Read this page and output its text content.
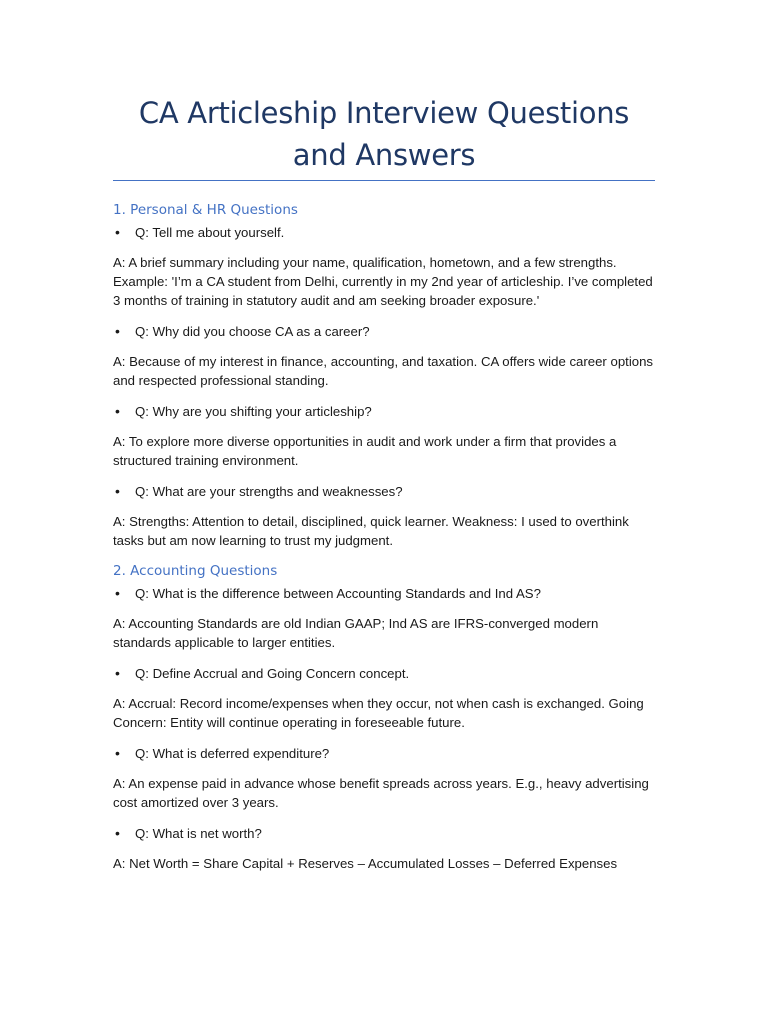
CA Articleship Interview Questions and Answers
1. Personal & HR Questions

• Q: Tell me about yourself.

A: A brief summary including your name, qualification, hometown, and a few strengths. Example: 'I’m a CA student from Delhi, currently in my 2nd year of articleship. I’ve completed 3 months of training in statutory audit and am seeking broader exposure.'

• Q: Why did you choose CA as a career?

A: Because of my interest in finance, accounting, and taxation. CA offers wide career options and respected professional standing.

• Q: Why are you shifting your articleship?

A: To explore more diverse opportunities in audit and work under a firm that provides a structured training environment.

• Q: What are your strengths and weaknesses?

A: Strengths: Attention to detail, disciplined, quick learner. Weakness: I used to overthink tasks but am now learning to trust my judgment.

2. Accounting Questions

• Q: What is the difference between Accounting Standards and Ind AS?

A: Accounting Standards are old Indian GAAP; Ind AS are IFRS-converged modern standards applicable to larger entities.

• Q: Define Accrual and Going Concern concept.

A: Accrual: Record income/expenses when they occur, not when cash is exchanged. Going Concern: Entity will continue operating in foreseeable future.

• Q: What is deferred expenditure?

A: An expense paid in advance whose benefit spreads across years. E.g., heavy advertising cost amortized over 3 years.

• Q: What is net worth?

A: Net Worth = Share Capital + Reserves – Accumulated Losses – Deferred Expenses
